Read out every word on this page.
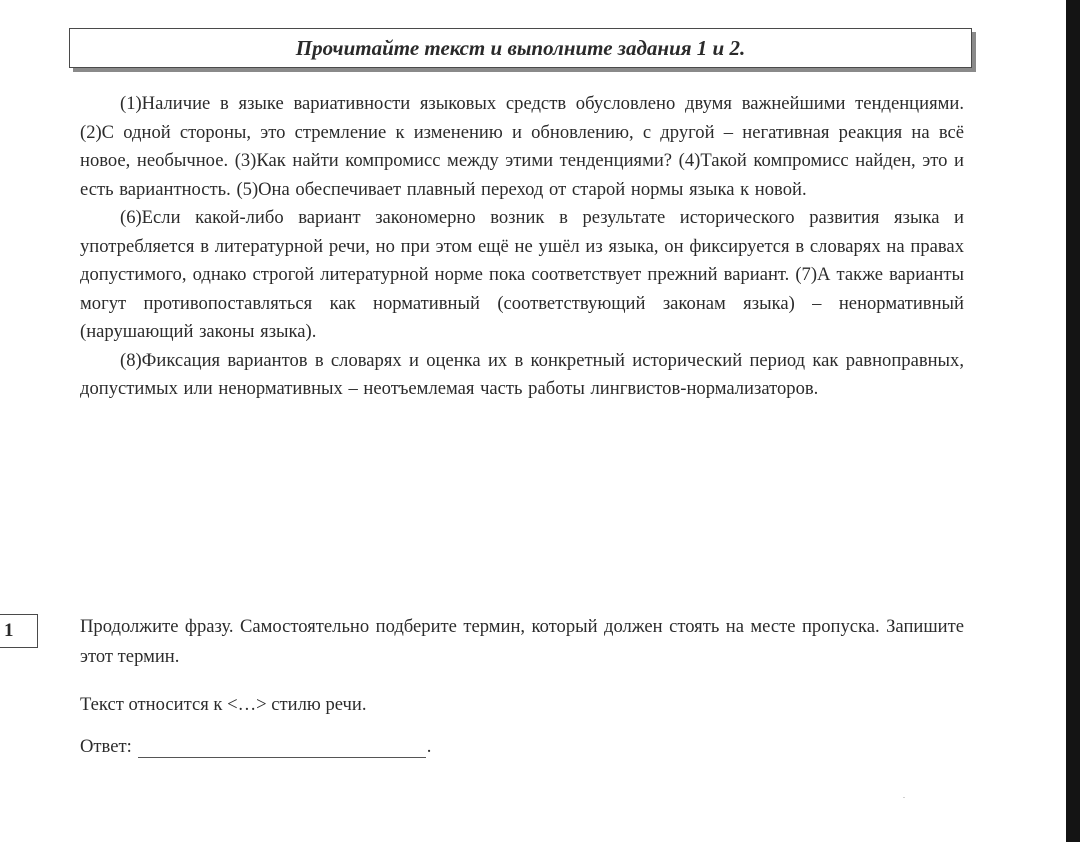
Прочитайте текст и выполните задания 1 и 2.

(1)Наличие в языке вариативности языковых средств обусловлено двумя важнейшими тенденциями. (2)С одной стороны, это стремление к изменению и обновлению, с другой – негативная реакция на всё новое, необычное. (3)Как найти компромисс между этими тенденциями? (4)Такой компромисс найден, это и есть вариантность. (5)Она обеспечивает плавный переход от старой нормы языка к новой.

(6)Если какой-либо вариант закономерно возник в результате исторического развития языка и употребляется в литературной речи, но при этом ещё не ушёл из языка, он фиксируется в словарях на правах допустимого, однако строгой литературной норме пока соответствует прежний вариант. (7)А также варианты могут противопоставляться как нормативный (соответствующий законам языка) – ненормативный (нарушающий законы языка).

(8)Фиксация вариантов в словарях и оценка их в конкретный исторический период как равноправных, допустимых или ненормативных – неотъемлемая часть работы лингвистов-нормализаторов.

1	Продолжите фразу. Самостоятельно подберите термин, который должен стоять на месте пропуска. Запишите этот термин.

Текст относится к <…> стилю речи.
Ответ:	.
